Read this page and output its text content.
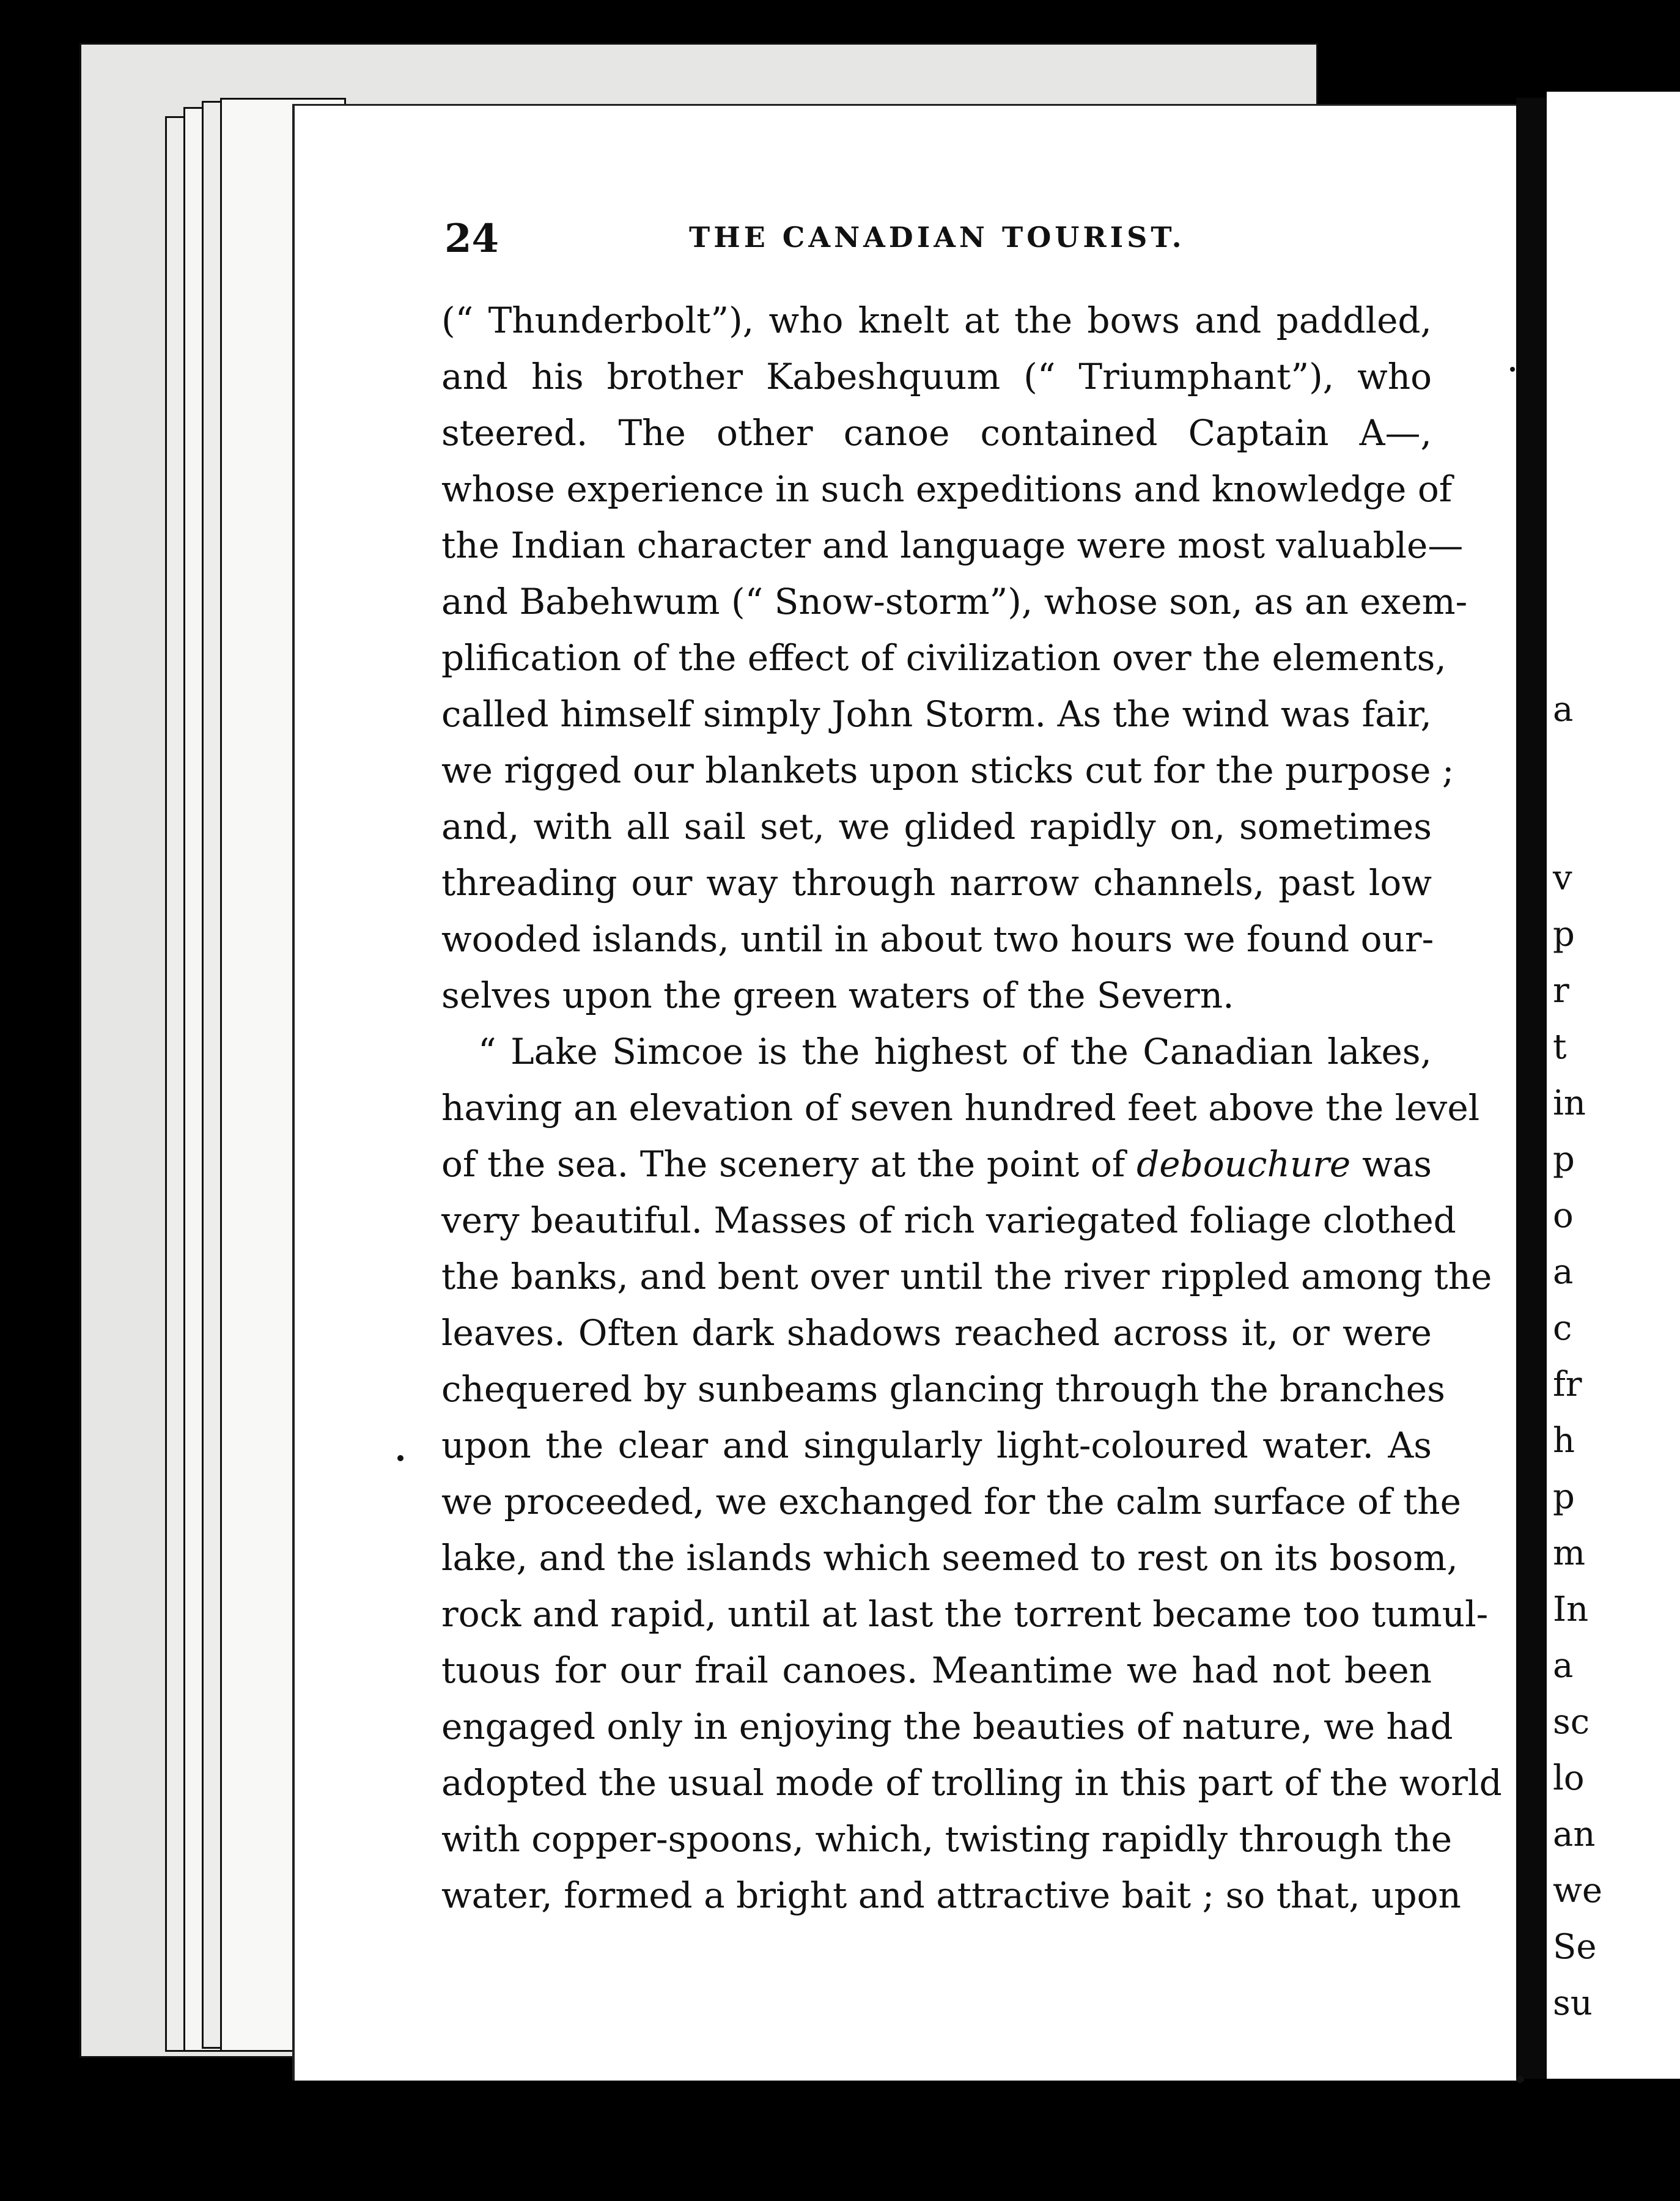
24	THE CANADIAN TOURIST.
(“ Thunderbolt”), who knelt at the bows and paddled,
and his brother Kabeshquum (“ Triumphant”), who
steered. The other canoe contained Captain A—,
whose experience in such expeditions and knowledge of
the Indian character and language were most valuable—
and Babehwum (“ Snow-storm”), whose son, as an exem-
plification of the effect of civilization over the elements,
called himself simply John Storm. As the wind was fair,
we rigged our blankets upon sticks cut for the purpose ;
and, with all sail set, we glided rapidly on, sometimes
threading our way through narrow channels, past low
wooded islands, until in about two hours we found our-
selves upon the green waters of the Severn.
“ Lake Simcoe is the highest of the Canadian lakes,
having an elevation of seven hundred feet above the level
of the sea. The scenery at the point of debouchure was
very beautiful. Masses of rich variegated foliage clothed
the banks, and bent over until the river rippled among the
leaves. Often dark shadows reached across it, or were
chequered by sunbeams glancing through the branches
upon the clear and singularly light-coloured water. As
we proceeded, we exchanged for the calm surface of the
lake, and the islands which seemed to rest on its bosom,
rock and rapid, until at last the torrent became too tumul-
tuous for our frail canoes. Meantime we had not been
engaged only in enjoying the beauties of nature, we had
adopted the usual mode of trolling in this part of the world
with copper-spoons, which, twisting rapidly through the
water, formed a bright and attractive bait ; so that, upon
a
v
p
r
t
in
p
o
a
c
fr
h
p
m
In
a
sc
lo
an
we
Se
su
